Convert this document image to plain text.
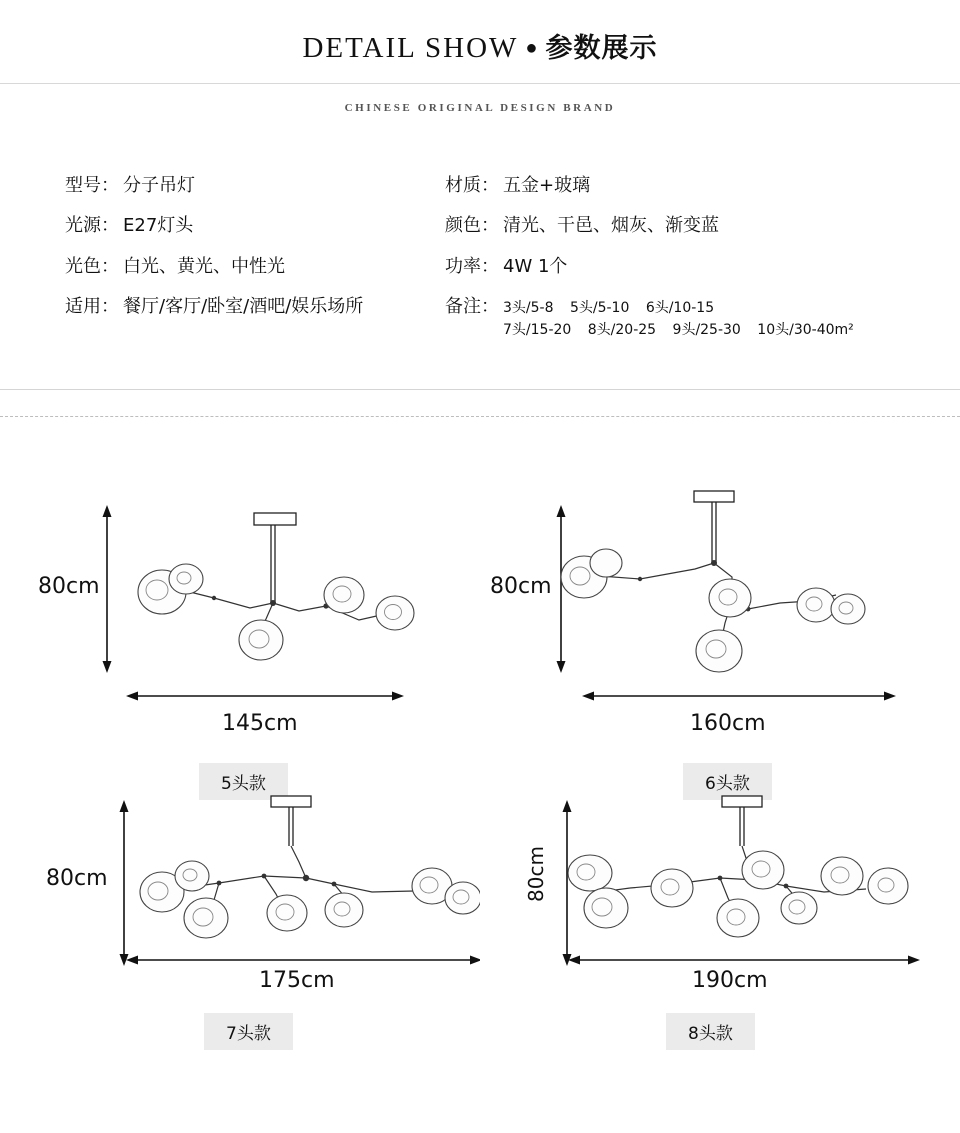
DETAIL SHOW ● 参数展示
CHINESE ORIGINAL DESIGN BRAND
型号： 分子吊灯
光源： E27灯头
光色： 白光、黄光、中性光
适用： 餐厅/客厅/卧室/酒吧/娱乐场所
材质： 五金+玻璃
颜色： 清光、干邑、烟灰、渐变蓝
功率： 4W 1个
备注： 3头/5-8 5头/5-10 6头/10-15
7头/15-20 8头/20-25 9头/25-30 10头/30-40m²
80cm
145cm
5头款
80cm
160cm
6头款
80cm
175cm
7头款
80cm
190cm
8头款
